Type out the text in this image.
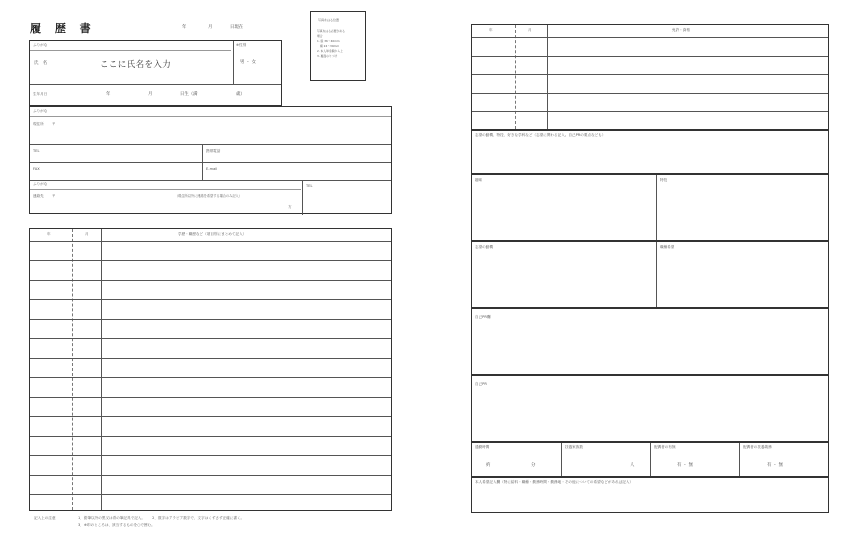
履 歴 書	年	月	日現在
写真をはる位置
写真をはる必要がある
場合
1. 縦 36〜40mm
横 24〜30mm
2. 本人単身胸から上
3. 裏面のりづけ
ふりがな
氏　名	ここに氏名を入力
※性別
男 ・ 女
生年月日	年	月	日生（満	歳）
ふりがな
現住所 〒
TEL	携帯電話
FAX	E-mail
ふりがな
連絡先 〒	（現住所以外に連絡を希望する場合のみ記入）
方
TEL
年	月	学歴・職歴など（項目別にまとめて記入）
記入上の注意	1．鉛筆以外の黒又は青の筆記具で記入。　　2．数字はアラビア数字で、文字はくずさず正確に書く。
3．※印のところは、該当するものを○で囲む。
年	月	免許・資格
志望の動機、特技、好きな学科など（志望に関わる記入。自己PRの要点なども）
趣味	特技
志望の動機	職種希望
自己PR欄
自己PR
通勤時間
約	分
扶養家族数
人
配偶者の有無
有 ・ 無
配偶者の扶養義務
有 ・ 無
本人希望記入欄（特に給料・職種・勤務時間・勤務地・その他についての希望などがあれば記入）
